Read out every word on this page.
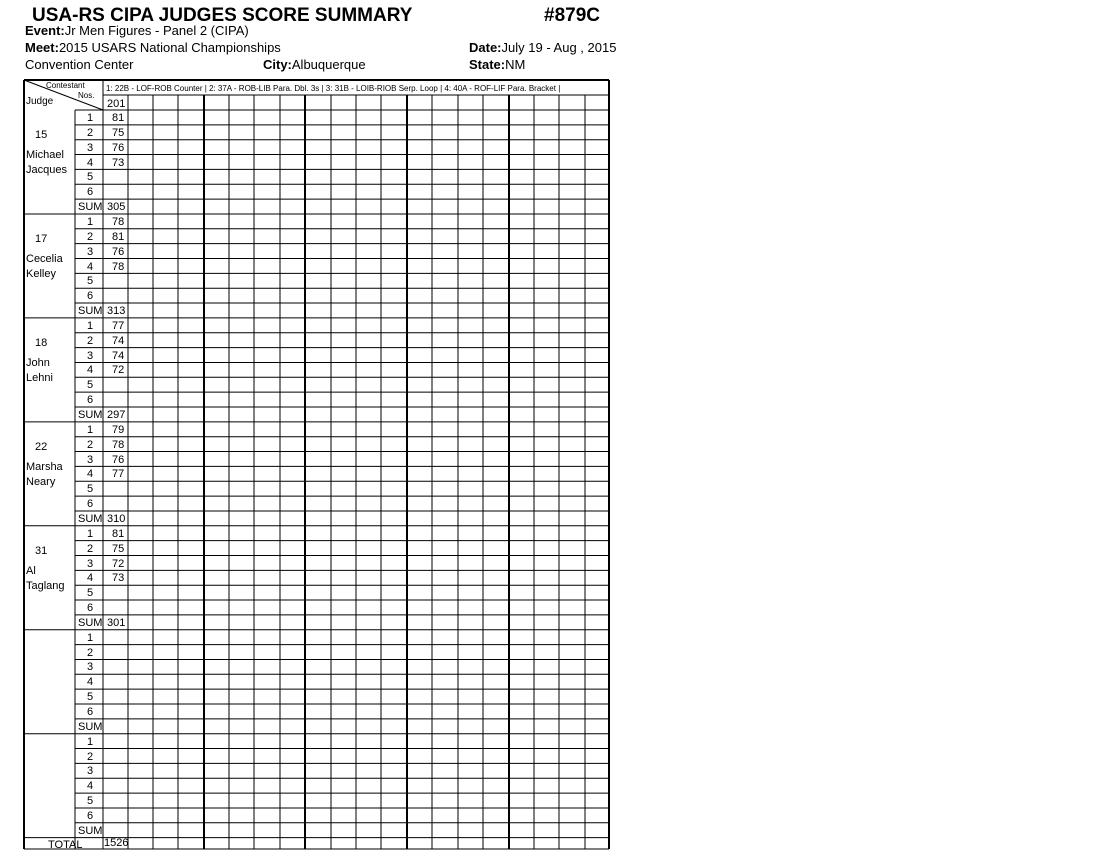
USA-RS CIPA JUDGES SCORE SUMMARY	#879C
Event:Jr Men Figures - Panel 2 (CIPA)
Meet:2015 USARS National Championships	Date:July 19 - Aug , 2015
Convention Center	City:Albuquerque	State:NM
Contestant
Nos.
Judge
1: 22B - LOF-ROB Counter | 2: 37A - ROB-LIB Para. Dbl. 3s | 3: 31B - LOIB-RIOB Serp. Loop | 4: 40A - ROF-LIF Para. Bracket |
201
15
Michael
Jacques
1 81
2 75
3 76
4 73
5
6
SUM 305
17
Cecelia
Kelley
1 78
2 81
3 76
4 78
5
6
SUM 313
18
John
Lehni
1 77
2 74
3 74
4 72
5
6
SUM 297
22
Marsha
Neary
1 79
2 78
3 76
4 77
5
6
SUM 310
31
Al
Taglang
1 81
2 75
3 72
4 73
5
6
SUM 301
1
2
3
4
5
6
SUM
1
2
3
4
5
6
SUM
TOTAL 1526
